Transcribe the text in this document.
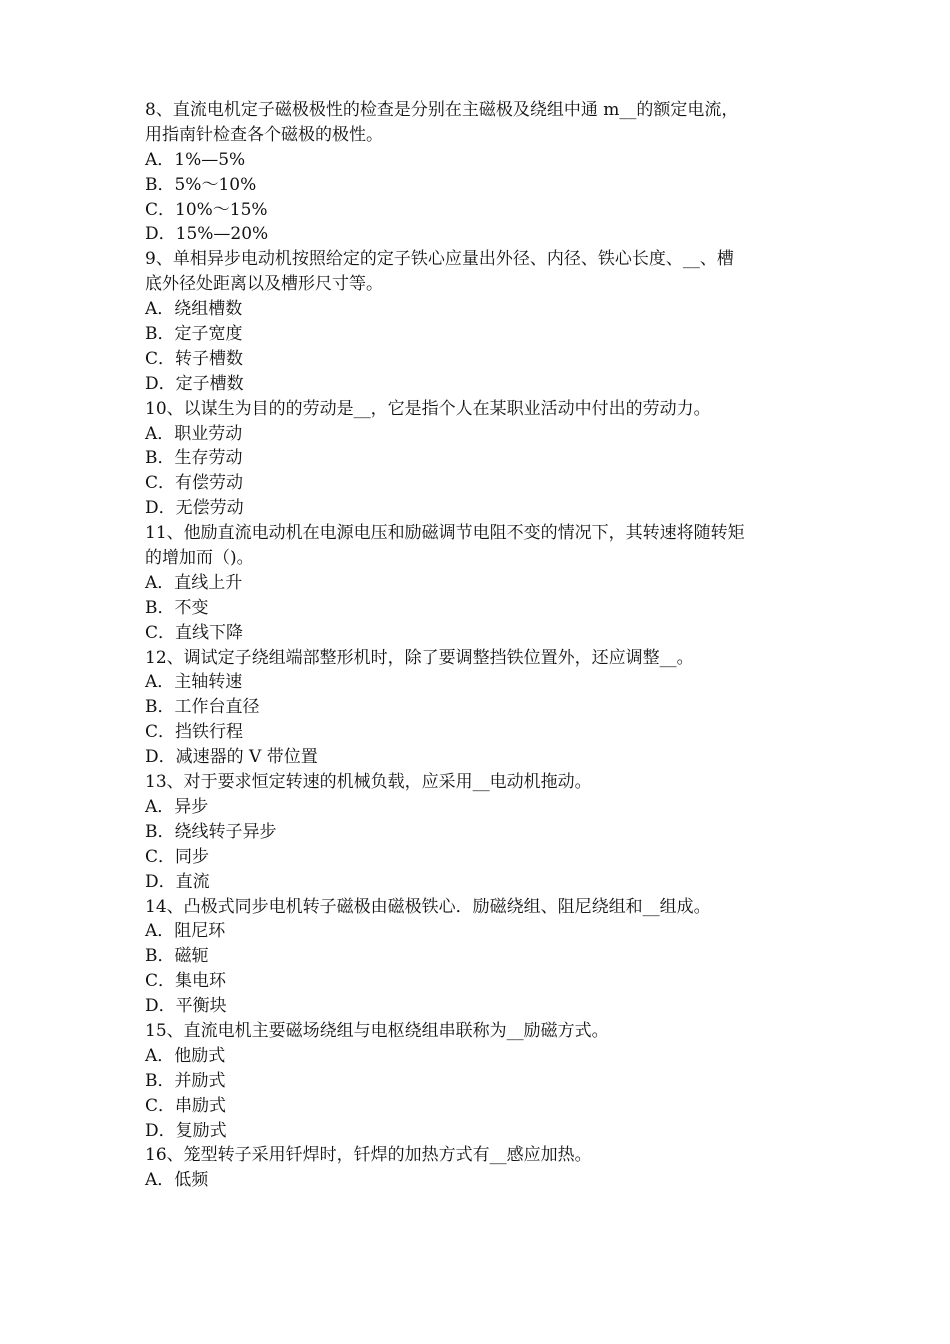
8、直流电机定子磁极极性的检查是分别在主磁极及绕组中通 m__的额定电流，
用指南针检查各个磁极的极性。
A．1%—5%
B．5%～10%
C．10%～15%
D．15%—20%
9、单相异步电动机按照给定的定子铁心应量出外径、内径、铁心长度、__、槽
底外径处距离以及槽形尺寸等。
A．绕组槽数
B．定子宽度
C．转子槽数
D．定子槽数
10、以谋生为目的的劳动是__，它是指个人在某职业活动中付出的劳动力。
A．职业劳动
B．生存劳动
C．有偿劳动
D．无偿劳动
11、他励直流电动机在电源电压和励磁调节电阻不变的情况下，其转速将随转矩
的增加而（)。
A．直线上升
B．不变
C．直线下降
12、调试定子绕组端部整形机时，除了要调整挡铁位置外，还应调整__。
A．主轴转速
B．工作台直径
C．挡铁行程
D．减速器的 V 带位置
13、对于要求恒定转速的机械负载，应采用__电动机拖动。
A．异步
B．绕线转子异步
C．同步
D．直流
14、凸极式同步电机转子磁极由磁极铁心．励磁绕组、阻尼绕组和__组成。
A．阻尼环
B．磁轭
C．集电环
D．平衡块
15、直流电机主要磁场绕组与电枢绕组串联称为__励磁方式。
A．他励式
B．并励式
C．串励式
D．复励式
16、笼型转子采用钎焊时，钎焊的加热方式有__感应加热。
A．低频
